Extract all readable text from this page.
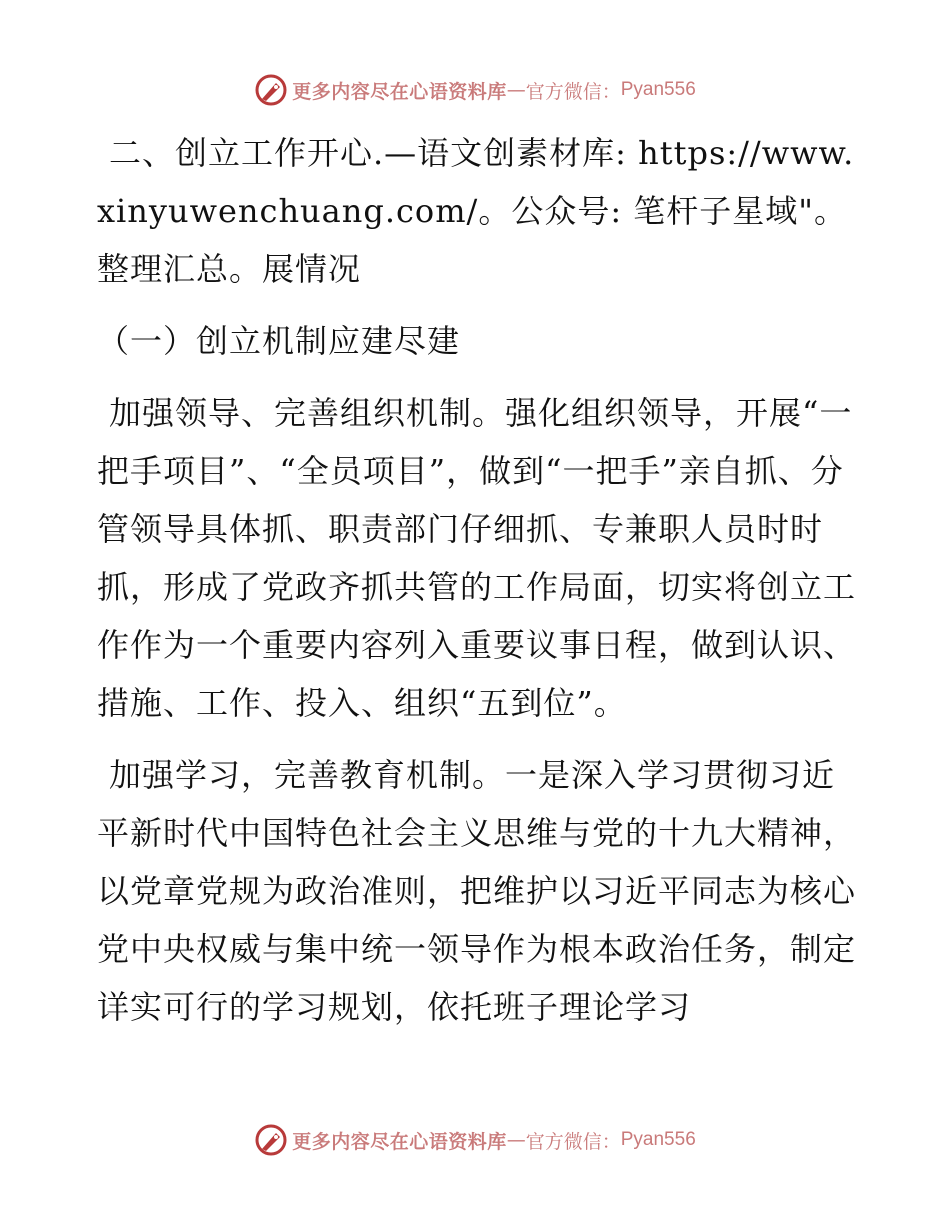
更多内容尽在心语资料库 — 官方微信： Pyan556

二、创立工作开心.—语文创素材库: https://www.xinyuwenchuang.com/。公众号: 笔杆子星域"。整理汇总。展情况

（一）创立机制应建尽建

加强领导、完善组织机制。强化组织领导，开展“一把手项目”、“全员项目”，做到“一把手”亲自抓、分管领导具体抓、职责部门仔细抓、专兼职人员时时抓，形成了党政齐抓共管的工作局面，切实将创立工作作为一个重要内容列入重要议事日程，做到认识、措施、工作、投入、组织“五到位”。

加强学习，完善教育机制。一是深入学习贯彻习近平新时代中国特色社会主义思维与党的十九大精神，以党章党规为政治准则，把维护以习近平同志为核心党中央权威与集中统一领导作为根本政治任务，制定详实可行的学习规划，依托班子理论学习

更多内容尽在心语资料库 — 官方微信： Pyan556
